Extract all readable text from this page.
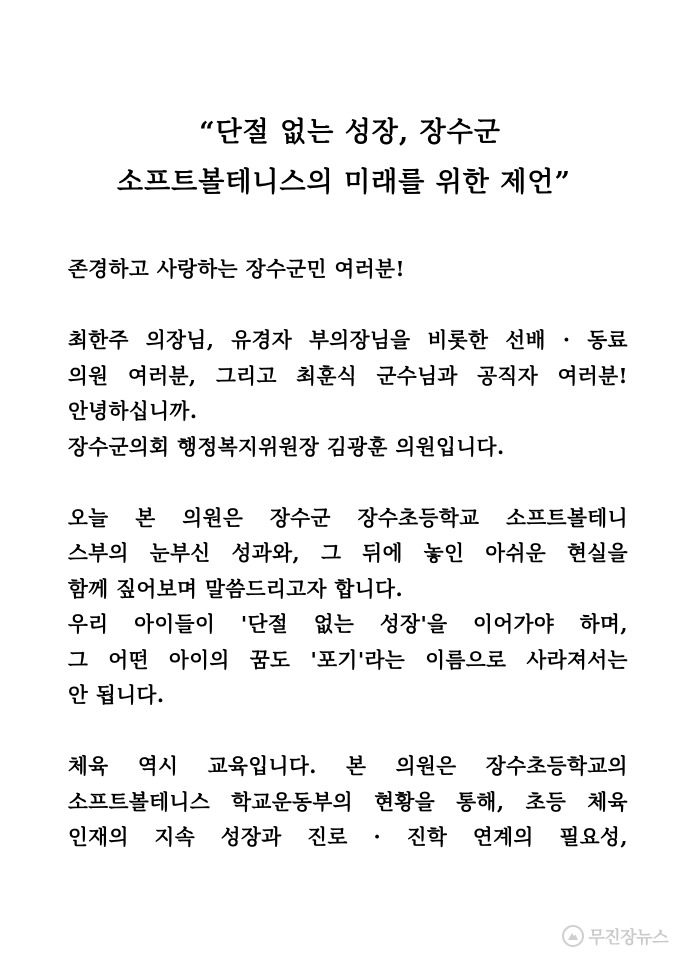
“단절 없는 성장, 장수군
소프트볼테니스의 미래를 위한 제언”
존경하고 사랑하는 장수군민 여러분!
최한주 의장님, 유경자 부의장님을 비롯한 선배 · 동료
의원 여러분, 그리고 최훈식 군수님과 공직자 여러분!
안녕하십니까.
장수군의회 행정복지위원장 김광훈 의원입니다.
오늘 본 의원은 장수군 장수초등학교 소프트볼테니
스부의 눈부신 성과와, 그 뒤에 놓인 아쉬운 현실을
함께 짚어보며 말씀드리고자 합니다.
우리 아이들이 '단절 없는 성장'을 이어가야 하며,
그 어떤 아이의 꿈도 '포기'라는 이름으로 사라져서는
안 됩니다.
체육 역시 교육입니다. 본 의원은 장수초등학교의
소프트볼테니스 학교운동부의 현황을 통해, 초등 체육
인재의 지속 성장과 진로 · 진학 연계의 필요성,
무진장뉴스
